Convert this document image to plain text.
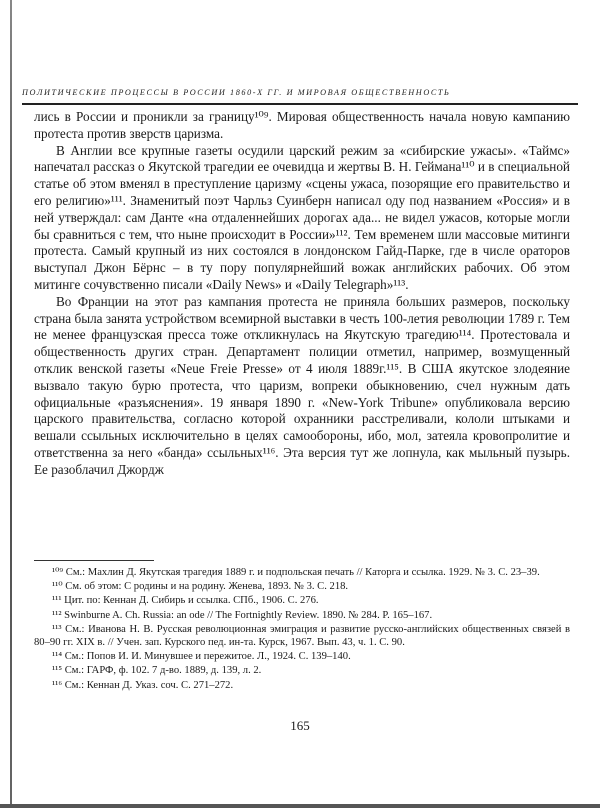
ПОЛИТИЧЕСКИЕ ПРОЦЕССЫ В РОССИИ 1860-Х ГГ. И МИРОВАЯ ОБЩЕСТВЕННОСТЬ

лись в России и проникли за границу¹⁰⁹. Мировая общественность начала новую кампанию протеста против зверств царизма.

В Англии все крупные газеты осудили царский режим за «сибирские ужасы». «Таймс» напечатал рассказ о Якутской трагедии ее очевидца и жертвы В. Н. Геймана¹¹⁰ и в специальной статье об этом вменял в преступление царизму «сцены ужаса, позорящие его правительство и его религию»¹¹¹. Знаменитый поэт Чарльз Суинберн написал оду под названием «Россия» и в ней утверждал: сам Данте «на отдаленнейших дорогах ада... не видел ужасов, которые могли бы сравниться с тем, что ныне происходит в России»¹¹². Тем временем шли массовые митинги протеста. Самый крупный из них состоялся в лондонском Гайд-Парке, где в числе ораторов выступал Джон Бёрнс – в ту пору популярнейший вожак английских рабочих. Об этом митинге сочувственно писали «Daily News» и «Daily Telegraph»¹¹³.

Во Франции на этот раз кампания протеста не приняла больших размеров, поскольку страна была занята устройством всемирной выставки в честь 100-летия революции 1789 г. Тем не менее французская пресса тоже откликнулась на Якутскую трагедию¹¹⁴. Протестовала и общественность других стран. Департамент полиции отметил, например, возмущенный отклик венской газеты «Neue Freie Presse» от 4 июля 1889г.¹¹⁵. В США якутское злодеяние вызвало такую бурю протеста, что царизм, вопреки обыкновению, счел нужным дать официальные «разъяснения». 19 января 1890 г. «New-York Tribune» опубликовала версию царского правительства, согласно которой охранники расстреливали, кололи штыками и вешали ссыльных исключительно в целях самообороны, ибо, мол, затеяла кровопролитие и ответственна за него «банда» ссыльных¹¹⁶. Эта версия тут же лопнула, как мыльный пузырь. Ее разоблачил Джордж

¹⁰⁹ См.: Махлин Д. Якутская трагедия 1889 г. и подпольская печать // Каторга и ссылка. 1929. № 3. С. 23–39.

¹¹⁰ См. об этом: С родины и на родину. Женева, 1893. № 3. С. 218.

¹¹¹ Цит. по: Кеннан Д. Сибирь и ссылка. СПб., 1906. С. 276.

¹¹² Swinburne A. Ch. Russia: an ode // The Fortnightly Review. 1890. № 284. P. 165–167.

¹¹³ См.: Иванова Н. В. Русская революционная эмиграция и развитие русско-английских общественных связей в 80–90 гг. XIX в. // Учен. зап. Курского пед. ин-та. Курск, 1967. Вып. 43, ч. 1. С. 90.

¹¹⁴ См.: Попов И. И. Минувшее и пережитое. Л., 1924. С. 139–140.

¹¹⁵ См.: ГАРФ, ф. 102. 7 д-во. 1889, д. 139, л. 2.

¹¹⁶ См.: Кеннан Д. Указ. соч. С. 271–272.

165
